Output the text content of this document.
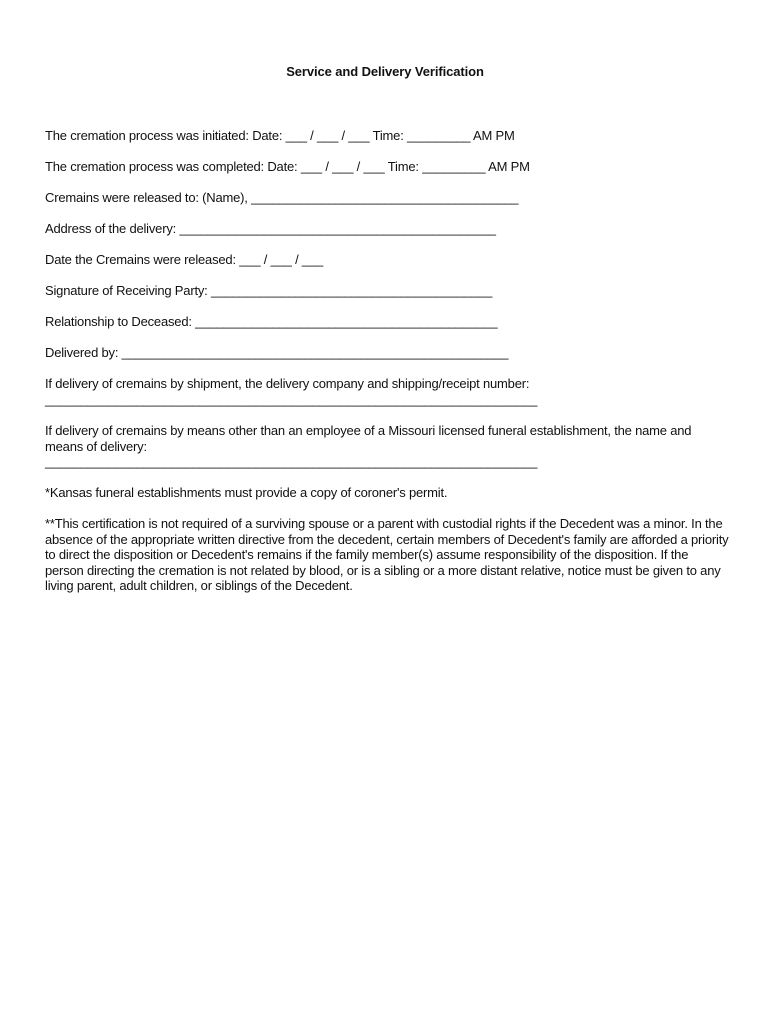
Service and Delivery Verification
The cremation process was initiated: Date: ___ / ___ / ___ Time: _________ AM PM
The cremation process was completed: Date: ___ / ___ / ___ Time: _________ AM PM
Cremains were released to: (Name), ______________________________________
Address of the delivery: _____________________________________________
Date the Cremains were released: ___ / ___ / ___
Signature of Receiving Party: ________________________________________
Relationship to Deceased: ___________________________________________
Delivered by: _______________________________________________________
If delivery of cremains by shipment, the delivery company and shipping/receipt number:
______________________________________________________________________
If delivery of cremains by means other than an employee of a Missouri licensed funeral establishment, the name and means of delivery:
______________________________________________________________________
*Kansas funeral establishments must provide a copy of coroner's permit.
**This certification is not required of a surviving spouse or a parent with custodial rights if the Decedent was a minor. In the absence of the appropriate written directive from the decedent, certain members of Decedent's family are afforded a priority to direct the disposition or Decedent's remains if the family member(s) assume responsibility of the disposition. If the person directing the cremation is not related by blood, or is a sibling or a more distant relative, notice must be given to any living parent, adult children, or siblings of the Decedent.
